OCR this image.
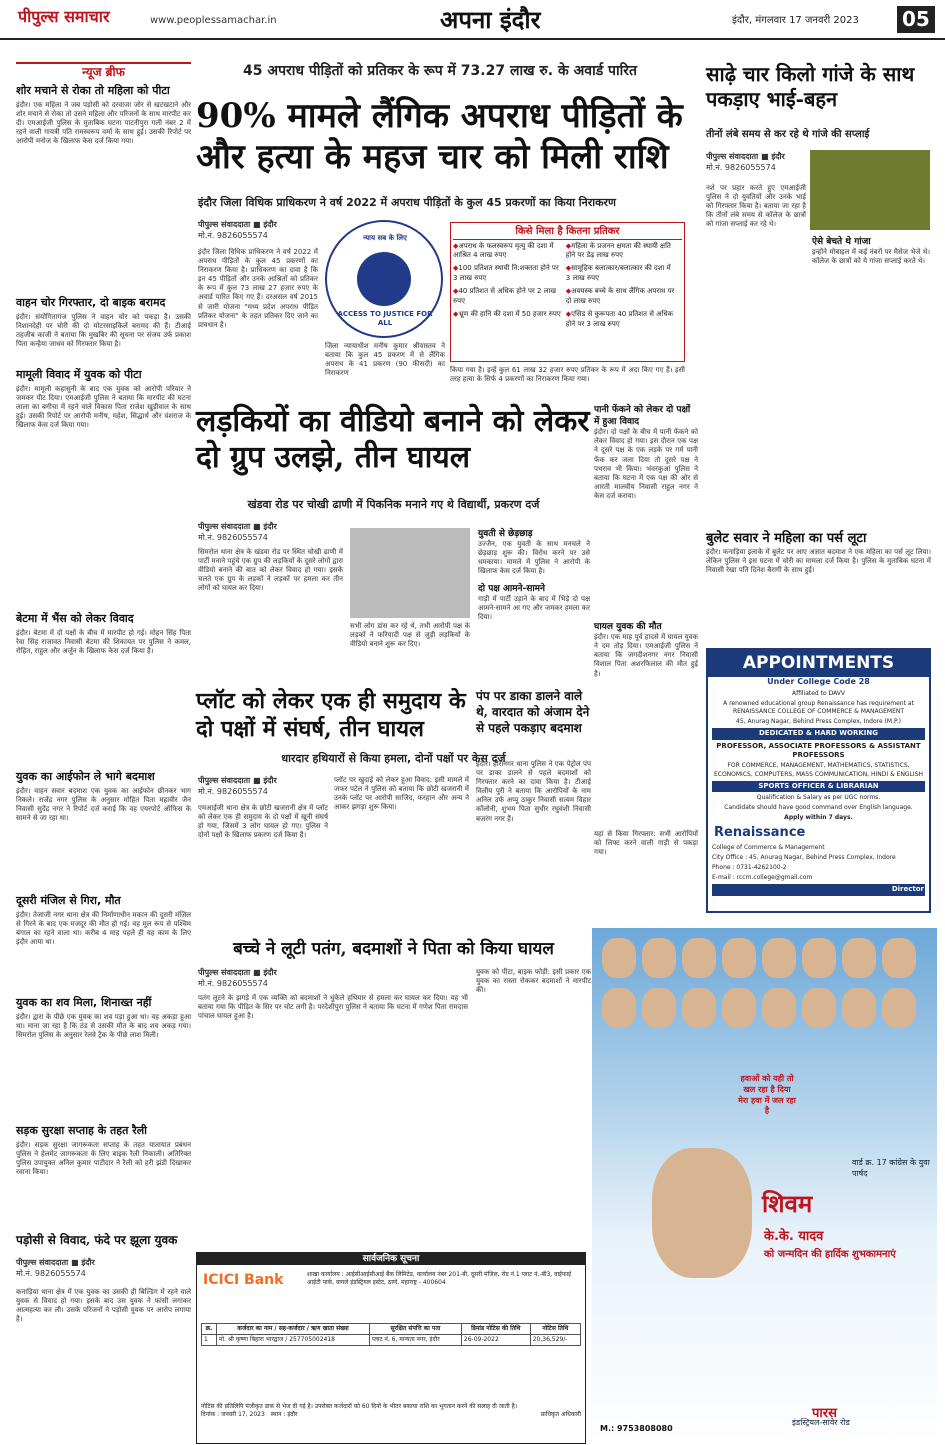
पीपुल्स समाचार	www.peoplessamachar.in	अपना इंदौर	इंदौर, मंगलवार 17 जनवरी 2023 05
न्यूज ब्रीफ
शोर मचाने से रोका तो महिला को पीटा

इंदौर। एक महिला ने जब पड़ोसी को दरवाजा जोर से खटखटाने और शोर मचाने से रोका तो उसने महिला और परिजनों के साथ मारपीट कर दी। एमआईजी पुलिस के मुताबिक घटना पाटनीपुरा गली नंबर 2 में रहने वाली गायत्री पति रामस्वरूप वर्मा के साथ हुई। उसकी रिपोर्ट पर आरोपी मनोज के खिलाफ केस दर्ज किया गया।

वाहन चोर गिरफ्तार, दो बाइक बरामद

इंदौर। संयोगितागंज पुलिस ने वाहन चोर को पकड़ा है। उसकी निशानदेही पर चोरी की दो मोटरसाइकिलें बरामद की हैं। टीआई तहजीब काजी ने बताया कि मुखबिर की सूचना पर संजय उर्फ प्रकाश पिता कन्हैया जाधव को गिरफ्तार किया है।

मामूली विवाद में युवक को पीटा

इंदौर। मामूली कहासुनी के बाद एक युवक को आरोपी परिवार ने जमकर पीट दिया। एमआईजी पुलिस ने बताया कि मारपीट की घटना लाला का बगीचा में रहने वाले विकास पिता राजेश खुड़ीवाल के साथ हुई। उसकी रिपोर्ट पर आरोपी मनीष, महेश, सिद्धार्थ और वंशराज के खिलाफ केस दर्ज किया गया।

बेटमा में भैंस को लेकर विवाद

इंदौर। बेटमा में दो पक्षों के बीच में मारपीट हो गई। मोहन सिंह पिता रेवा सिंह राजावत निवासी बेटमा की शिकायत पर पुलिस ने कमल, रोहित, राहुल और अर्जुन के खिलाफ केस दर्ज किया है।

युवक का आईफोन ले भागे बदमाश

इंदौर। वाहन सवार बदमाश एक युवक का आईफोन छीनकर भाग निकले। राजेंद्र नगर पुलिस के अनुसार मोहित पिता महावीर जैन निवासी सुदेंद्र नगर ने रिपोर्ट दर्ज कराई कि वह एयरपोर्ट ऑफिस के सामने से जा रहा था।

दूसरी मंजिल से गिरा, मौत

इंदौर। तेजाजी नगर थाना क्षेत्र की निर्माणाधीन मकान की दूसरी मंजिल से गिरने के बाद एक मजदूर की मौत हो गई। वह मूल रूप से पश्चिम बंगाल का रहने वाला था। करीब 4 माह पहले ही वह काम के लिए इंदौर आया था।

युवक का शव मिला, शिनाख्त नहीं

इंदौर। द्वारा के पीछे एक युवक का शव पड़ा हुआ था। वह अकड़ा हुआ था। माना जा रहा है कि ठंड से उसकी मौत के बाद शव अकड़ गया। सिमरोल पुलिस के अनुसार रेलवे ट्रैक के पीछे लाश मिली।

सड़क सुरक्षा सप्ताह के तहत रैली

इंदौर। सड़क सुरक्षा जागरूकता सप्ताह के तहत यातायात प्रबंधन पुलिस ने हेलमेट जागरूकता के लिए बाइक रैली निकाली। अतिरिक्त पुलिस उपायुक्त अनिल कुमार पाटीदार ने रैली को हरी झंडी दिखाकर रवाना किया।

45 अपराध पीड़ितों को प्रतिकर के रूप में 73.27 लाख रु. के अवार्ड पारित
90% मामले लैंगिक अपराध पीड़ितों के और हत्या के महज चार को मिली राशि
इंदौर जिला विधिक प्राधिकरण ने वर्ष 2022 में अपराध पीड़ितों के कुल 45 प्रकरणों का किया निराकरण
पीपुल्स संवाददाता ■ इंदौर
मो.नं. 9826055574
इंदौर जिला विधिक प्राधिकरण ने वर्ष 2022 में अपराध पीड़ितों के कुल 45 प्रकरणों का निराकरण किया है। प्राधिकरण का दावा है कि इन 45 पीड़ितों और उनके आश्रितों को प्रतिकर के रूप में कुल 73 लाख 27 हजार रुपए के अवार्ड पारित किए गए हैं। दरअसल वर्ष 2015 से जारी योजना "मध्य प्रदेश अपराध पीड़ित प्रतिकर योजना" के तहत प्रतिकर दिए जाने का प्रावधान है।
न्याय सब के लिए
ACCESS TO JUSTICE FOR ALL
जिला न्यायाधीश मनीष कुमार श्रीवास्तव ने बताया कि कुल 45 प्रकरण में से लैंगिक अपराध के 41 प्रकरण (90 फीसदी) का निराकरण
किसे मिला है कितना प्रतिकर
◆ अपराध के फलस्वरूप मृत्यु की दशा में आश्रित 4 लाख रुपए
◆ 100 प्रतिशत स्थायी नि:शक्तता होने पर 3 लाख रुपए
◆ 40 प्रतिशत से अधिक होने पर 2 लाख रुपए
◆ भ्रूण की हानि की दशा में 50 हजार रुपए

◆ महिला के प्रजनन क्षमता की स्थायी क्षति होने पर डेढ़ लाख रुपए
◆ सामूहिक बलात्कार/बलात्कार की दशा में 3 लाख रुपए
◆ अवयस्क बच्चे के साथ लैंगिक अपराध पर दो लाख रुपए
◆ एसिड से कुरूपता 40 प्रतिशत से अधिक होने पर 3 लाख रुपए
किया गया है। इन्हें कुल 61 लाख 32 हजार रुपए प्रतिकर के रूप में अदा किए गए हैं। इसी तरह हत्या के सिर्फ 4 प्रकरणों का निराकरण किया गया।
लड़कियों का वीडियो बनाने को लेकर दो ग्रुप उलझे, तीन घायल
खंडवा रोड पर चोखी ढाणी में पिकनिक मनाने गए थे विद्यार्थी, प्रकरण दर्ज
पीपुल्स संवाददाता ■ इंदौर
मो.नं. 9826055574
सिमरोल थाना क्षेत्र के खंडवा रोड पर स्थित चोखी ढाणी में पार्टी मनाने पहुंचे एक ग्रुप की लड़कियों के दूसरे लोगों द्वारा वीडियो बनाने की बात को लेकर विवाद हो गया। इसके चलते एक ग्रुप के लड़कों ने लड़कों पर हमला कर तीन लोगों को घायल कर दिया।
सभी लोग डांस कर रहे थे, तभी आरोपी पक्ष के लड़कों ने फरियादी पक्ष से जुड़ी लड़कियों के वीडियो बनाने शुरू कर दिए।
युवती से छेड़छाड़
उज्जैन, एक युवती के साथ मनचले ने छेड़छाड़ शुरू की। विरोध करने पर उसे धमकाया। मामले में पुलिस ने आरोपी के खिलाफ केस दर्ज किया है।
दो पक्ष आमने-सामने
गाड़ी में पार्टी उड़ाने के बाद में भिड़े दो पक्ष आमने-सामने आ गए और जमकर हमला कर दिया।
पानी फेंकने को लेकर दो पक्षों में हुआ विवाद
इंदौर। दो पक्षों के बीच में पानी फेंकने को लेकर विवाद हो गया। इस दौरान एक पक्ष ने दूसरे पक्ष के एक लड़के पर गर्म पानी फेंक कर जला दिया तो दूसरे पक्ष ने पथराव भी किया। भंवरकुआं पुलिस ने बताया कि घटना में एक पक्ष की ओर से आरती मालवीय निवासी राहुल नगर ने केस दर्ज कराया।
घायल युवक की मौत
इंदौर। एक माह पूर्व हादसे में घायल युवक ने दम तोड़ दिया। एमआईजी पुलिस ने बताया कि जगदीशनगर नगर निवासी विशाल पिता अशरफिलाल की मौत हुई है।
प्लॉट को लेकर एक ही समुदाय के दो पक्षों में संघर्ष, तीन घायल
धारदार हथियारों से किया हमला, दोनों पक्षों पर केस दर्ज
पीपुल्स संवाददाता ■ इंदौर
मो.नं. 9826055574
एमआईजी थाना क्षेत्र के छोटी खजरानी क्षेत्र में प्लॉट को लेकर एक ही समुदाय के दो पक्षों में खूनी संघर्ष हो गया, जिसमें 3 लोग घायल हो गए। पुलिस ने दोनों पक्षों के खिलाफ प्रकरण दर्ज किया है।
प्लॉट पर खुदाई को लेकर हुआ विवाद: इसी मामले में जफर पटेल ने पुलिस को बताया कि छोटी खजरानी में उनके प्लॉट पर आरोपी साजिद, फरहान और अन्य ने आकर झगड़ा शुरू किया।
पंप पर डाका डालने वाले थे, वारदात को अंजाम देने से पहले पकड़ाए बदमाश
इंदौर। हीरानगर थाना पुलिस ने एक पेट्रोल पंप पर डाका डालने से पहले बदमाशों को गिरफ्तार करने का दावा किया है। टीआई विलीय पुरी ने बताया कि आरोपियों के नाम अनिल उर्फ अप्पू ठाकुर निवासी सत्यम विहार कॉलोनी, शुभम पिता सुधीर रघुवंशी निवासी बजरंग नगर हैं।
यहां से किया गिरफ्तार: सभी आरोपियों को लिफ्ट करने वाली गाड़ी से पकड़ा गया।
बच्चे ने लूटी पतंग, बदमाशों ने पिता को किया घायल
पीपुल्स संवाददाता ■ इंदौर
मो.नं. 9826055574
पतंग लूटने के झगड़े में एक व्यक्ति को बदमाशों ने धुंकेले हथियार से हमला कर घायल कर दिया। यह भी बताया गया कि पीड़ित के सिर पर चोट लगी है। परदेशीपुरा पुलिस ने बताया कि घटना में गणेश पिता रामदास पांचाल घायल हुआ है।
युवक को पीटा, बाइक फोड़ी: इसी प्रकार एक युवक का रास्ता रोककर बदमाशों ने मारपीट की।
पड़ोसी से विवाद, फंदे पर झूला युवक
पीपुल्स संवाददाता ■ इंदौर
मो.नं. 9826055574
कनाड़िया थाना क्षेत्र में एक युवक का उसकी ही बिल्डिंग में रहने वाले युवक से विवाद हो गया। इसके बाद उस युवक ने फांसी लगाकर आत्महत्या कर ली। उसके परिजनों ने पड़ोसी युवक पर आरोप लगाया है।
साढ़े चार किलो गांजे के साथ पकड़ाए भाई-बहन
तीनों लंबे समय से कर रहे थे गांजे की सप्लाई
पीपुल्स संवाददाता ■ इंदौर
मो.नं. 9826055574
नशे पर प्रहार करते हुए एमआईजी पुलिस ने दो युवतियों और उनके भाई को गिरफ्तार किया है। बताया जा रहा है कि तीनों लंबे समय से कॉलेज के छात्रों को गांजा सप्लाई कर रहे थे।
ऐसे बेचते थे गांजा
इन्होंने मोबाइल में कई नंबरों पर मैसेज भेजे थे। कॉलेज के छात्रों को ये गांजा सप्लाई करते थे।
बुलेट सवार ने महिला का पर्स लूटा
इंदौर। कनाड़िया इलाके में बुलेट पर आए अज्ञात बदमाश ने एक महिला का पर्स लूट लिया। लेकिन पुलिस ने इस घटना में चोरी का मामला दर्ज किया है। पुलिस के मुताबिक घटना में निवासी रेखा पति दिनेश बैरागी के साथ हुई।
APPOINTMENTS
Under College Code 28

Affiliated to DAVV

A renowned educational group Renaissance has requirement at RENAISSANCE COLLEGE OF COMMERCE & MANAGEMENT

45, Anurag Nagar, Behind Press Complex, Indore (M.P.)

DEDICATED & HARD WORKING

PROFESSOR, ASSOCIATE PROFESSORS & ASSISTANT PROFESSORS

FOR COMMERCE, MANAGEMENT, MATHEMATICS, STATISTICS, ECONOMICS, COMPUTERS, MASS COMMUNICATION, HINDI & ENGLISH

SPORTS OFFICER & LIBRARIAN

Qualification & Salary as per UGC norms.

Candidate should have good command over English language.

Apply within 7 days.

Renaissance

College of Commerce & Management

City Office : 45, Anurag Nagar, Behind Press Complex, Indore

Phone : 0731-4262100-2

E-mail : rccm.college@gmail.com

Director
हवाओं को यही तो खल रहा है दिया मेरा हवा में जल रहा है
शिवम
के.के. यादव
को जन्मदिन की हार्दिक शुभकामनाएं
वार्ड क्र. 17 कांग्रेस के युवा पार्षद
M.: 9753808080
पारस
इंडस्ट्रियल-सांवेर रोड
सार्वजनिक सूचना
ICICI Bank	शाखा कार्यालय : आईसीआईसीआई बैंक लिमिटेड, कार्यालय नंबर 201-बी, दूसरी मंजिल, रोड नं.1 प्लाट नं.-बी3, वाईफाई आईटी पार्क, वागले इंडस्ट्रियल इस्टेट, ठाणे, महाराष्ट्र - 400604
क्र.	कर्जदार का नाम / सह-कर्जदार / ऋण खाता संख्या	सुरक्षित संपत्ति का पता	डिमांड नोटिस की तिथि	नोटिस तिथि
1	मो. श्री कृष्णा बिहारा भारद्वाज / 257705002418	प्लाट नं. 6, मान्यता नगर, इंदौर	26-09-2022	20,36,529/-
नोटिस की प्रतिलिपि पंजीकृत डाक से भेज दी गई है। उपरोक्त कर्जदारों को 60 दिनों के भीतर बकाया राशि का भुगतान करने की सलाह दी जाती है।
दिनांक : जनवरी 17, 2023 स्थान : इंदौर	प्राधिकृत अधिकारी
